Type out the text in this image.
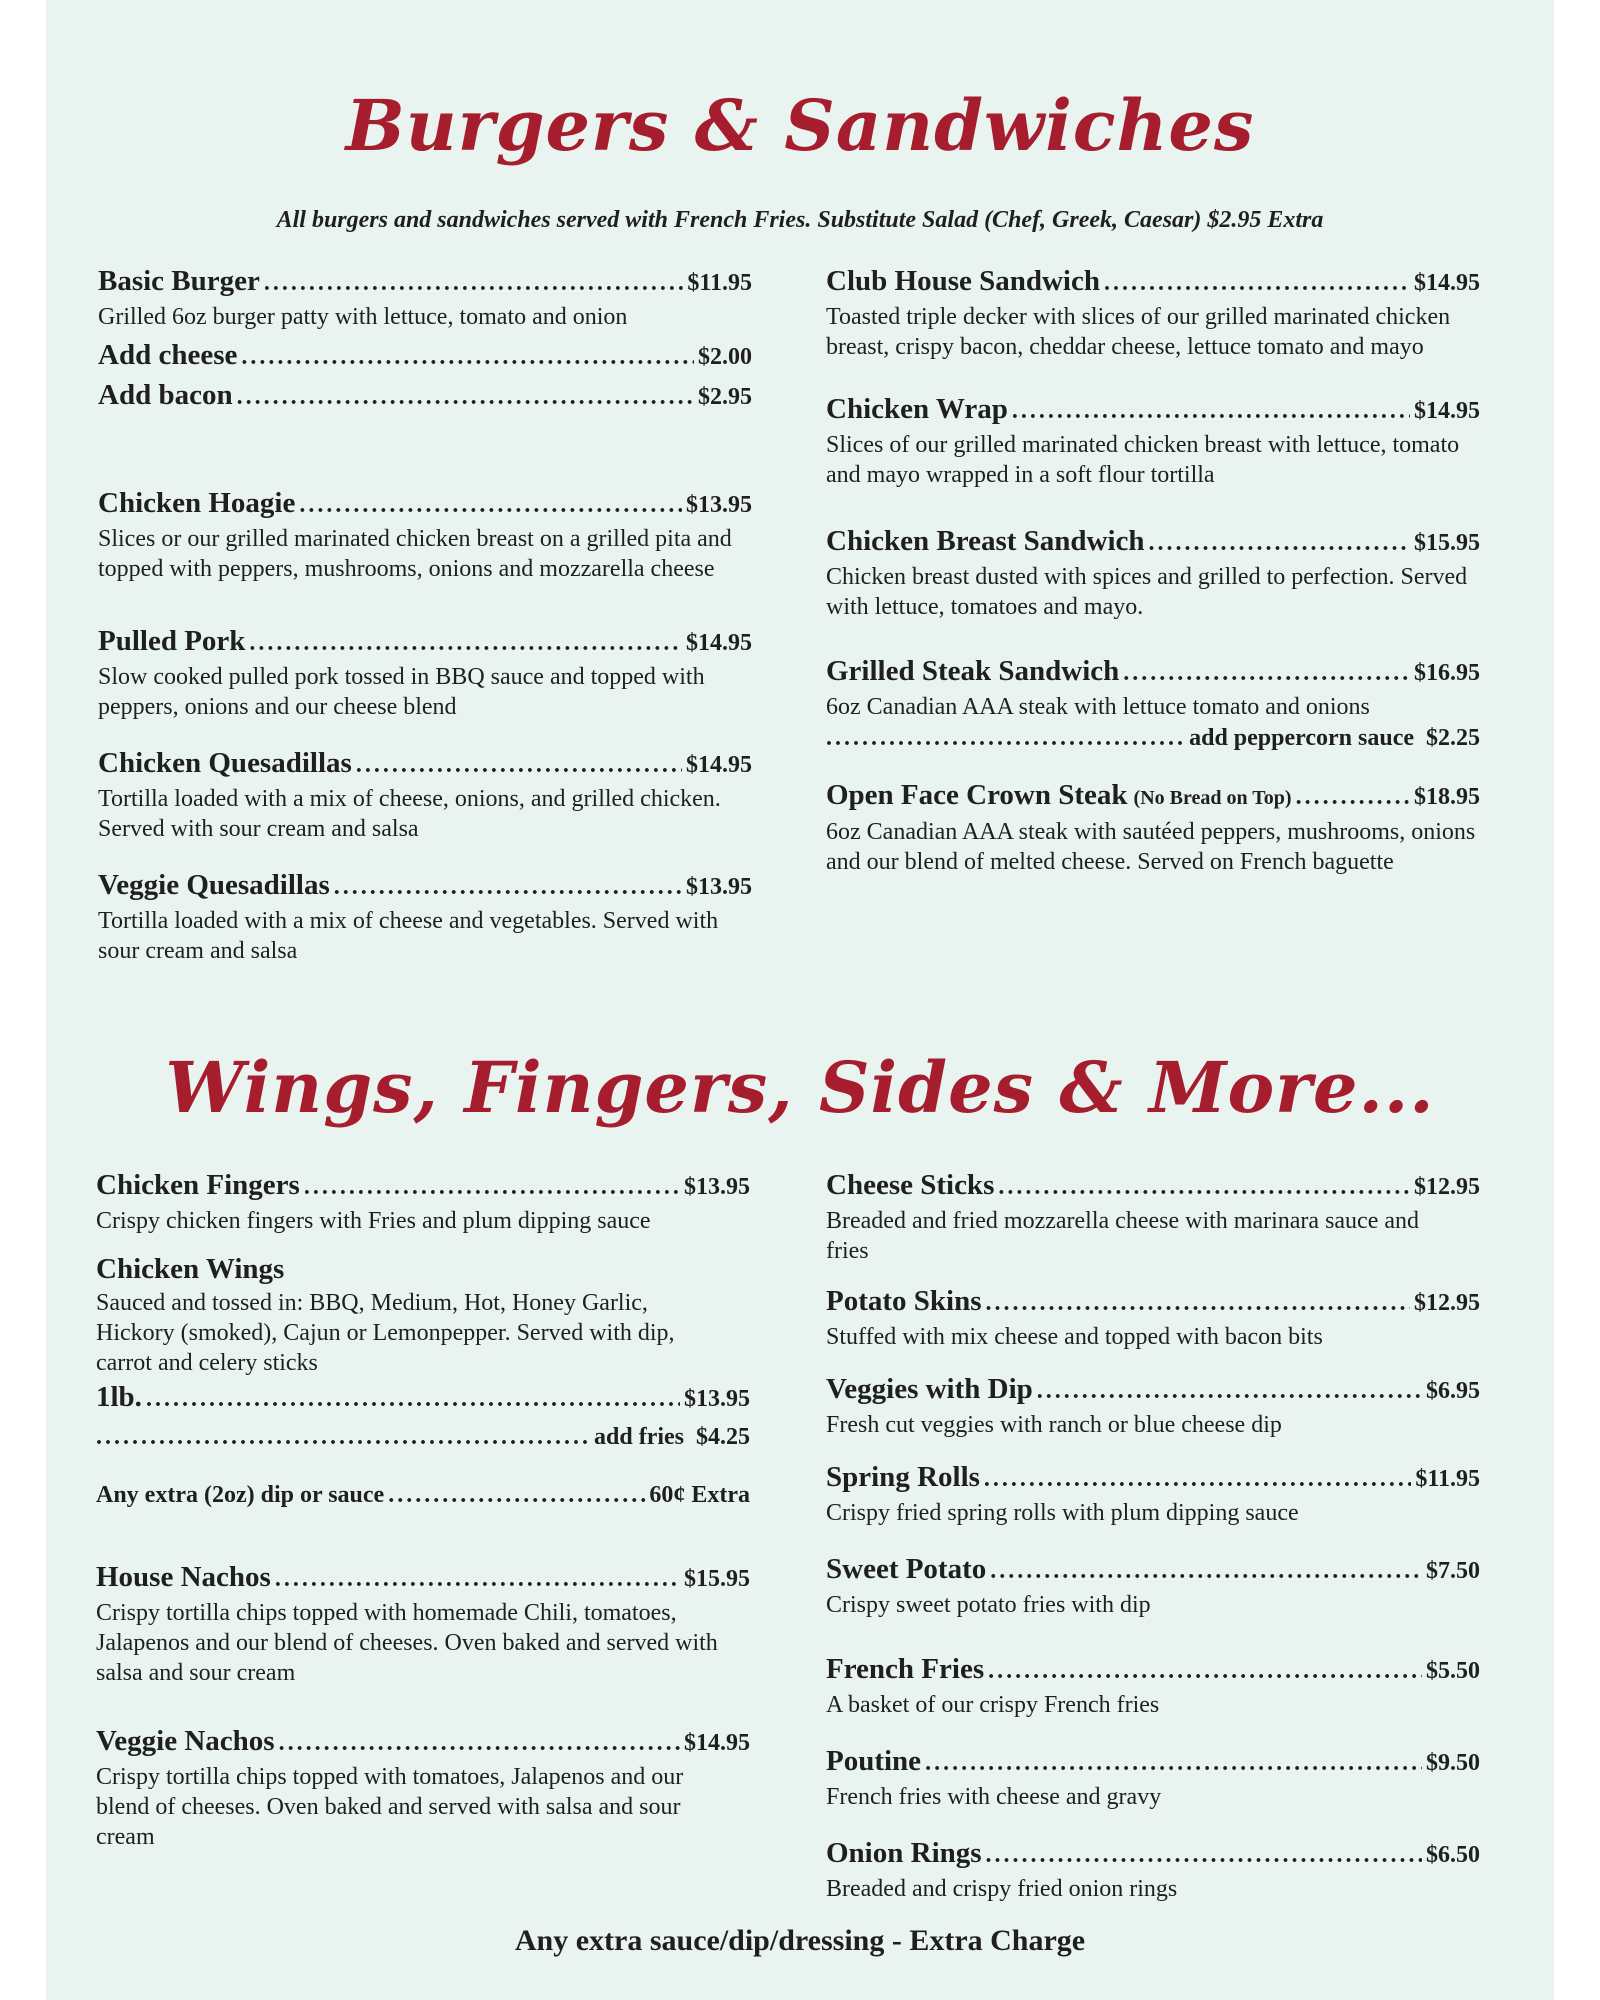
Burgers & Sandwiches
All burgers and sandwiches served with French Fries. Substitute Salad (Chef, Greek, Caesar) $2.95 Extra
Basic Burger .....	$11.95
Grilled 6oz burger patty with lettuce, tomato and onion
Add cheese .....	$2.00
Add bacon .....	$2.95
Chicken Hoagie .....	$13.95
Slices or our grilled marinated chicken breast on a grilled pita and topped with peppers, mushrooms, onions and mozzarella cheese
Pulled Pork .....	$14.95
Slow cooked pulled pork tossed in BBQ sauce and topped with peppers, onions and our cheese blend
Chicken Quesadillas .....	$14.95
Tortilla loaded with a mix of cheese, onions, and grilled chicken. Served with sour cream and salsa
Veggie Quesadillas .....	$13.95
Tortilla loaded with a mix of cheese and vegetables. Served with sour cream and salsa
Club House Sandwich .....	$14.95
Toasted triple decker with slices of our grilled marinated chicken breast, crispy bacon, cheddar cheese, lettuce tomato and mayo
Chicken Wrap .....	$14.95
Slices of our grilled marinated chicken breast with lettuce, tomato and mayo wrapped in a soft flour tortilla
Chicken Breast Sandwich .....	$15.95
Chicken breast dusted with spices and grilled to perfection. Served with lettuce, tomatoes and mayo.
Grilled Steak Sandwich .....	$16.95
6oz Canadian AAA steak with lettuce tomato and onions
.....
add peppercorn sauce $2.25
Open Face Crown Steak (No Bread on Top) .....	$18.95
6oz Canadian AAA steak with sautéed peppers, mushrooms, onions and our blend of melted cheese. Served on French baguette
Wings, Fingers, Sides & More...
Chicken Fingers .....	$13.95
Crispy chicken fingers with Fries and plum dipping sauce
Chicken Wings
Sauced and tossed in: BBQ, Medium, Hot, Honey Garlic, Hickory (smoked), Cajun or Lemonpepper. Served with dip, carrot and celery sticks
1lb. .....	$13.95
.....
add fries $4.25
Any extra (2oz) dip or sauce .....	60¢ Extra
House Nachos .....	$15.95
Crispy tortilla chips topped with homemade Chili, tomatoes, Jalapenos and our blend of cheeses. Oven baked and served with salsa and sour cream
Veggie Nachos .....	$14.95
Crispy tortilla chips topped with tomatoes, Jalapenos and our blend of cheeses. Oven baked and served with salsa and sour cream
Cheese Sticks .....	$12.95
Breaded and fried mozzarella cheese with marinara sauce and fries
Potato Skins .....	$12.95
Stuffed with mix cheese and topped with bacon bits
Veggies with Dip .....	$6.95
Fresh cut veggies with ranch or blue cheese dip
Spring Rolls .....	$11.95
Crispy fried spring rolls with plum dipping sauce
Sweet Potato .....	$7.50
Crispy sweet potato fries with dip
French Fries .....	$5.50
A basket of our crispy French fries
Poutine .....	$9.50
French fries with cheese and gravy
Onion Rings .....	$6.50
Breaded and crispy fried onion rings
Any extra sauce/dip/dressing - Extra Charge
